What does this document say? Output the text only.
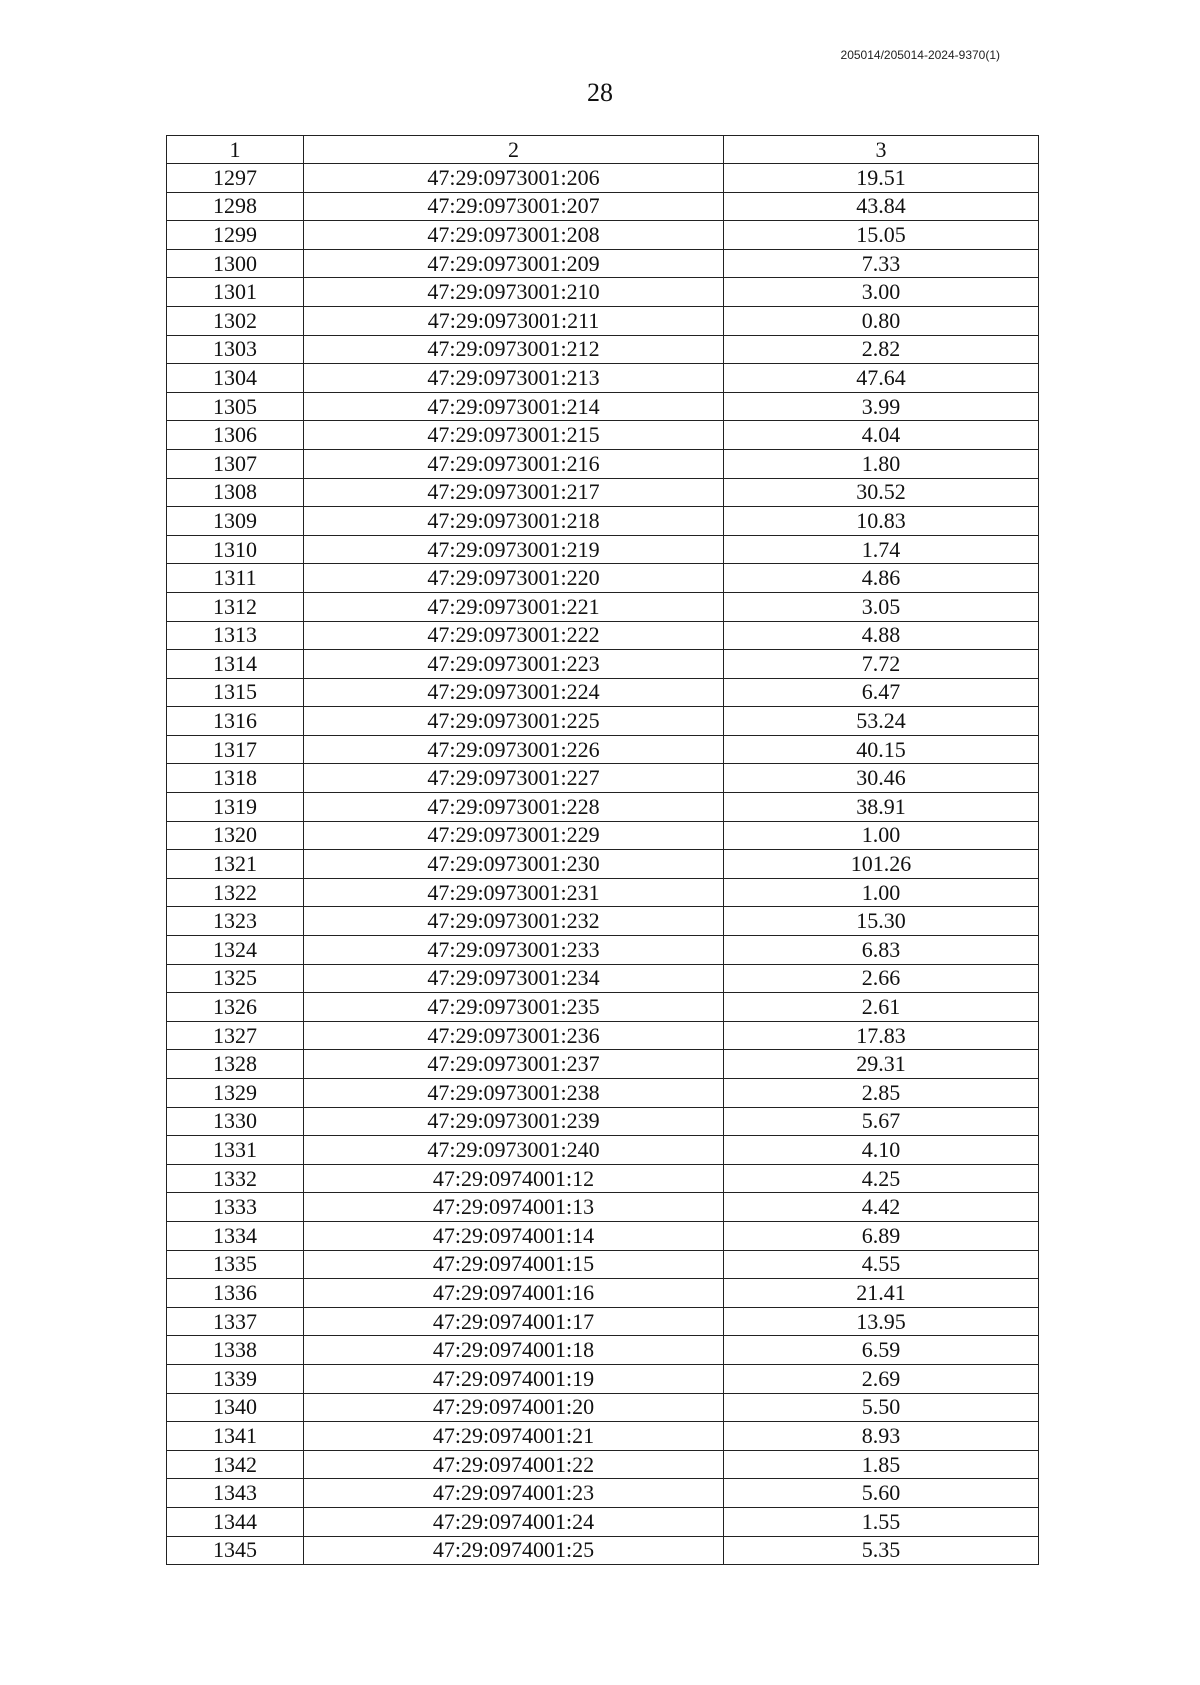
205014/205014-2024-9370(1)
28
1	2	3
1297	47:29:0973001:206	19.51
1298	47:29:0973001:207	43.84
1299	47:29:0973001:208	15.05
1300	47:29:0973001:209	7.33
1301	47:29:0973001:210	3.00
1302	47:29:0973001:211	0.80
1303	47:29:0973001:212	2.82
1304	47:29:0973001:213	47.64
1305	47:29:0973001:214	3.99
1306	47:29:0973001:215	4.04
1307	47:29:0973001:216	1.80
1308	47:29:0973001:217	30.52
1309	47:29:0973001:218	10.83
1310	47:29:0973001:219	1.74
1311	47:29:0973001:220	4.86
1312	47:29:0973001:221	3.05
1313	47:29:0973001:222	4.88
1314	47:29:0973001:223	7.72
1315	47:29:0973001:224	6.47
1316	47:29:0973001:225	53.24
1317	47:29:0973001:226	40.15
1318	47:29:0973001:227	30.46
1319	47:29:0973001:228	38.91
1320	47:29:0973001:229	1.00
1321	47:29:0973001:230	101.26
1322	47:29:0973001:231	1.00
1323	47:29:0973001:232	15.30
1324	47:29:0973001:233	6.83
1325	47:29:0973001:234	2.66
1326	47:29:0973001:235	2.61
1327	47:29:0973001:236	17.83
1328	47:29:0973001:237	29.31
1329	47:29:0973001:238	2.85
1330	47:29:0973001:239	5.67
1331	47:29:0973001:240	4.10
1332	47:29:0974001:12	4.25
1333	47:29:0974001:13	4.42
1334	47:29:0974001:14	6.89
1335	47:29:0974001:15	4.55
1336	47:29:0974001:16	21.41
1337	47:29:0974001:17	13.95
1338	47:29:0974001:18	6.59
1339	47:29:0974001:19	2.69
1340	47:29:0974001:20	5.50
1341	47:29:0974001:21	8.93
1342	47:29:0974001:22	1.85
1343	47:29:0974001:23	5.60
1344	47:29:0974001:24	1.55
1345	47:29:0974001:25	5.35
